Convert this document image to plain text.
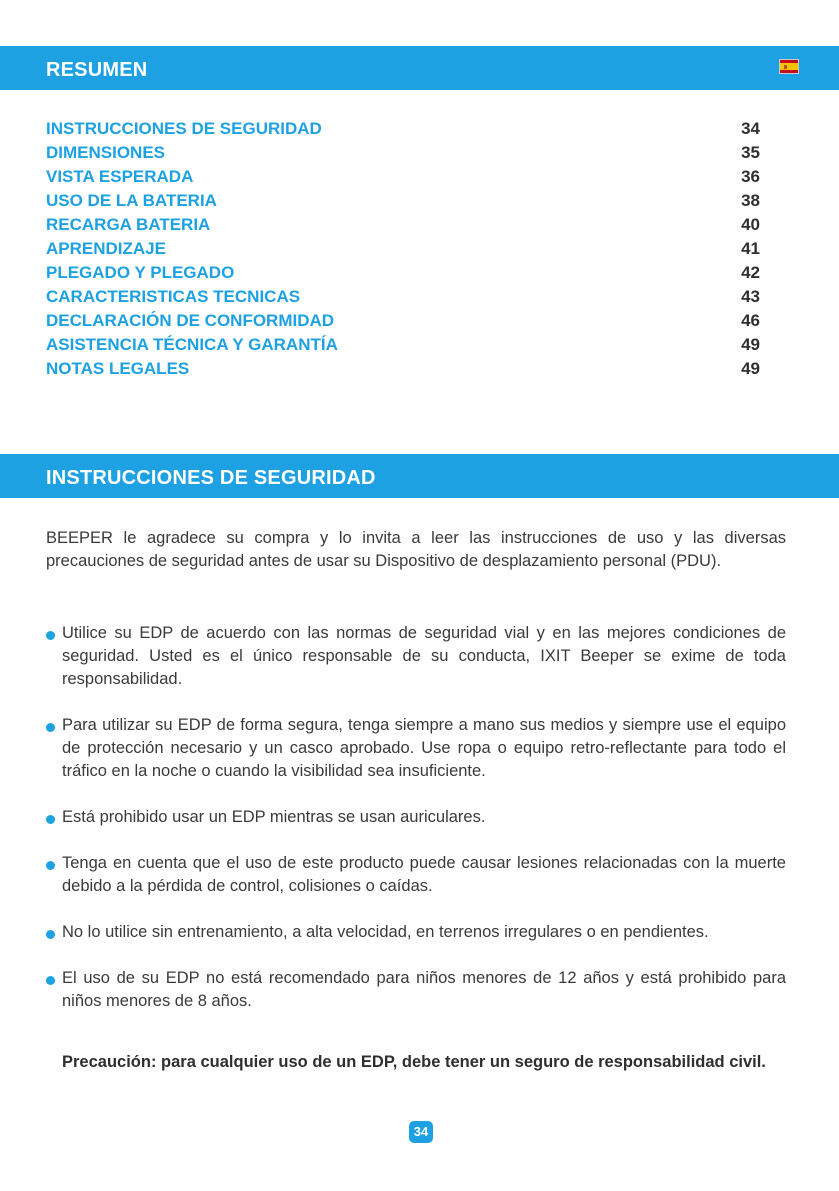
RESUMEN
INSTRUCCIONES DE SEGURIDAD	34
DIMENSIONES	35
VISTA ESPERADA	36
USO DE LA BATERIA	38
RECARGA BATERIA	40
APRENDIZAJE	41
PLEGADO Y PLEGADO	42
CARACTERISTICAS TECNICAS	43
DECLARACIÓN DE CONFORMIDAD	46
ASISTENCIA TÉCNICA Y GARANTÍA	49
NOTAS LEGALES	49
INSTRUCCIONES DE SEGURIDAD

BEEPER le agradece su compra y lo invita a leer las instrucciones de uso y las diversas precauciones de seguridad antes de usar su Dispositivo de desplazamiento personal (PDU).

Utilice su EDP de acuerdo con las normas de seguridad vial y en las mejores condiciones de seguridad. Usted es el único responsable de su conducta, IXIT Beeper se exime de toda responsabilidad.
Para utilizar su EDP de forma segura, tenga siempre a mano sus medios y siempre use el equipo de protección necesario y un casco aprobado. Use ropa o equipo retro-reflectante para todo el tráfico en la noche o cuando la visibilidad sea insuficiente.
Está prohibido usar un EDP mientras se usan auriculares.
Tenga en cuenta que el uso de este producto puede causar lesiones relacionadas con la muerte debido a la pérdida de control, colisiones o caídas.
No lo utilice sin entrenamiento, a alta velocidad, en terrenos irregulares o en pendientes.
El uso de su EDP no está recomendado para niños menores de 12 años y está prohibido para niños menores de 8 años.

Precaución: para cualquier uso de un EDP, debe tener un seguro de responsabilidad civil.

34
